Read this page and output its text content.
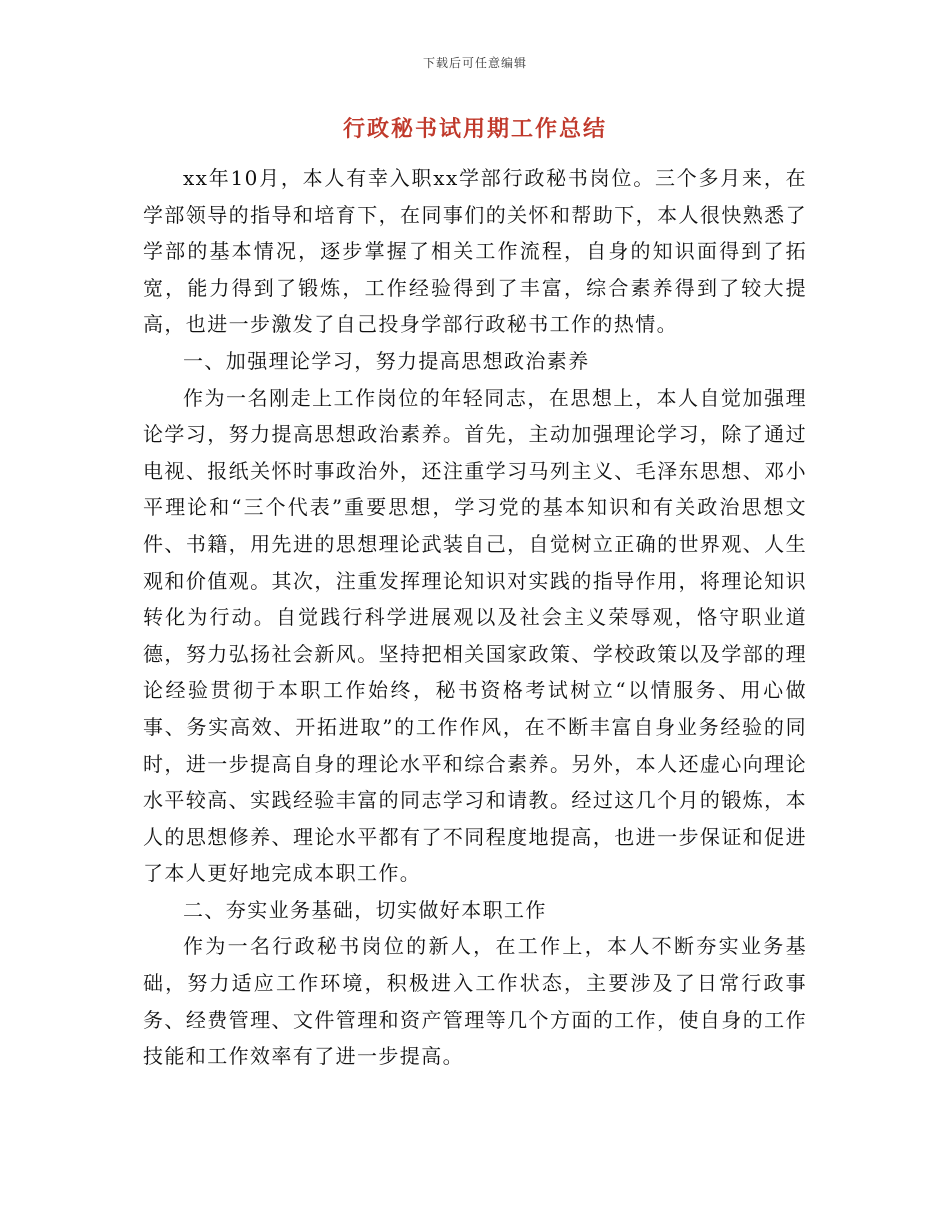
下载后可任意编辑
行政秘书试用期工作总结

xx年10月，本人有幸入职xx学部行政秘书岗位。三个多月来，在学部领导的指导和培育下，在同事们的关怀和帮助下，本人很快熟悉了学部的基本情况，逐步掌握了相关工作流程，自身的知识面得到了拓宽，能力得到了锻炼，工作经验得到了丰富，综合素养得到了较大提高，也进一步激发了自己投身学部行政秘书工作的热情。

一、加强理论学习，努力提高思想政治素养

作为一名刚走上工作岗位的年轻同志，在思想上，本人自觉加强理论学习，努力提高思想政治素养。首先，主动加强理论学习，除了通过电视、报纸关怀时事政治外，还注重学习马列主义、毛泽东思想、邓小平理论和“三个代表”重要思想，学习党的基本知识和有关政治思想文件、书籍，用先进的思想理论武装自己，自觉树立正确的世界观、人生观和价值观。其次，注重发挥理论知识对实践的指导作用，将理论知识转化为行动。自觉践行科学进展观以及社会主义荣辱观，恪守职业道德，努力弘扬社会新风。坚持把相关国家政策、学校政策以及学部的理论经验贯彻于本职工作始终，秘书资格考试树立“以情服务、用心做事、务实高效、开拓进取”的工作作风，在不断丰富自身业务经验的同时，进一步提高自身的理论水平和综合素养。另外，本人还虚心向理论水平较高、实践经验丰富的同志学习和请教。经过这几个月的锻炼，本人的思想修养、理论水平都有了不同程度地提高，也进一步保证和促进了本人更好地完成本职工作。

二、夯实业务基础，切实做好本职工作

作为一名行政秘书岗位的新人，在工作上，本人不断夯实业务基础，努力适应工作环境，积极进入工作状态，主要涉及了日常行政事务、经费管理、文件管理和资产管理等几个方面的工作，使自身的工作技能和工作效率有了进一步提高。
